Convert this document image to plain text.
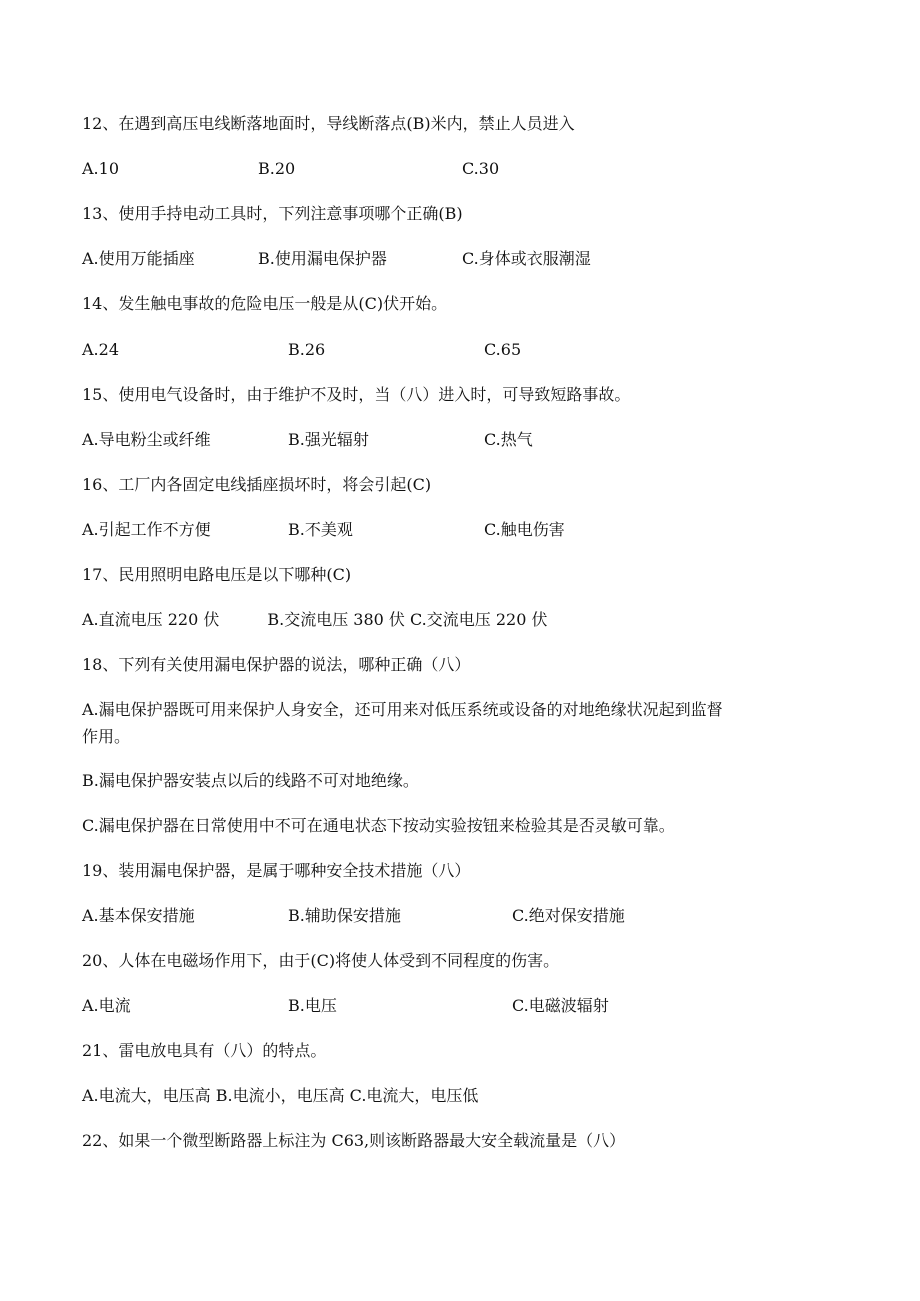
12、在遇到高压电线断落地面时，导线断落点(B)米内，禁止人员进入
A.10	B.20	C.30
13、使用手持电动工具时，下列注意事项哪个正确(B)
A.使用万能插座	B.使用漏电保护器	C.身体或衣服潮湿
14、发生触电事故的危险电压一般是从(C)伏开始。
A.24	B.26	C.65
15、使用电气设备时，由于维护不及时，当（八）进入时，可导致短路事故。
A.导电粉尘或纤维	B.强光辐射	C.热气
16、工厂内各固定电线插座损坏时，将会引起(C)
A.引起工作不方便	B.不美观	C.触电伤害
17、民用照明电路电压是以下哪种(C)
A.直流电压 220 伏　　　B.交流电压 380 伏 C.交流电压 220 伏
18、下列有关使用漏电保护器的说法，哪种正确（八）
A.漏电保护器既可用来保护人身安全，还可用来对低压系统或设备的对地绝缘状况起到监督
作用。
B.漏电保护器安装点以后的线路不可对地绝缘。
C.漏电保护器在日常使用中不可在通电状态下按动实验按钮来检验其是否灵敏可靠。
19、装用漏电保护器，是属于哪种安全技术措施（八）
A.基本保安措施	B.辅助保安措施	C.绝对保安措施
20、人体在电磁场作用下，由于(C)将使人体受到不同程度的伤害。
A.电流	B.电压	C.电磁波辐射
21、雷电放电具有（八）的特点。
A.电流大，电压高 B.电流小，电压高 C.电流大，电压低
22、如果一个微型断路器上标注为 C63,则该断路器最大安全载流量是（八）
